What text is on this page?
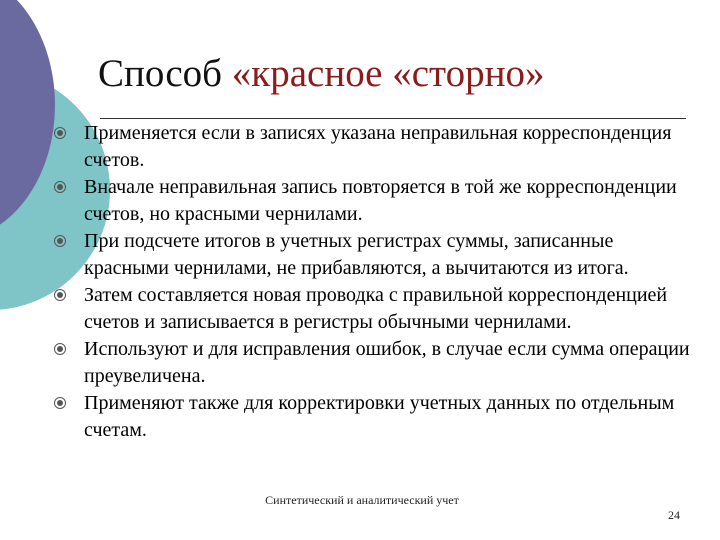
Способ «красное «сторно»
Применяется если в записях указана неправильная корреспонденция счетов.
Вначале неправильная запись повторяется в той же корреспонденции счетов, но красными чернилами.
При подсчете итогов в учетных регистрах суммы, записанные красными чернилами, не прибавляются, а вычитаются из итога.
Затем составляется новая проводка с правильной корреспонденцией счетов и записывается в регистры обычными чернилами.
Используют и для исправления ошибок, в случае если сумма операции преувеличена.
Применяют также для корректировки учетных данных по отдельным счетам.
Синтетический и аналитический учет
24
